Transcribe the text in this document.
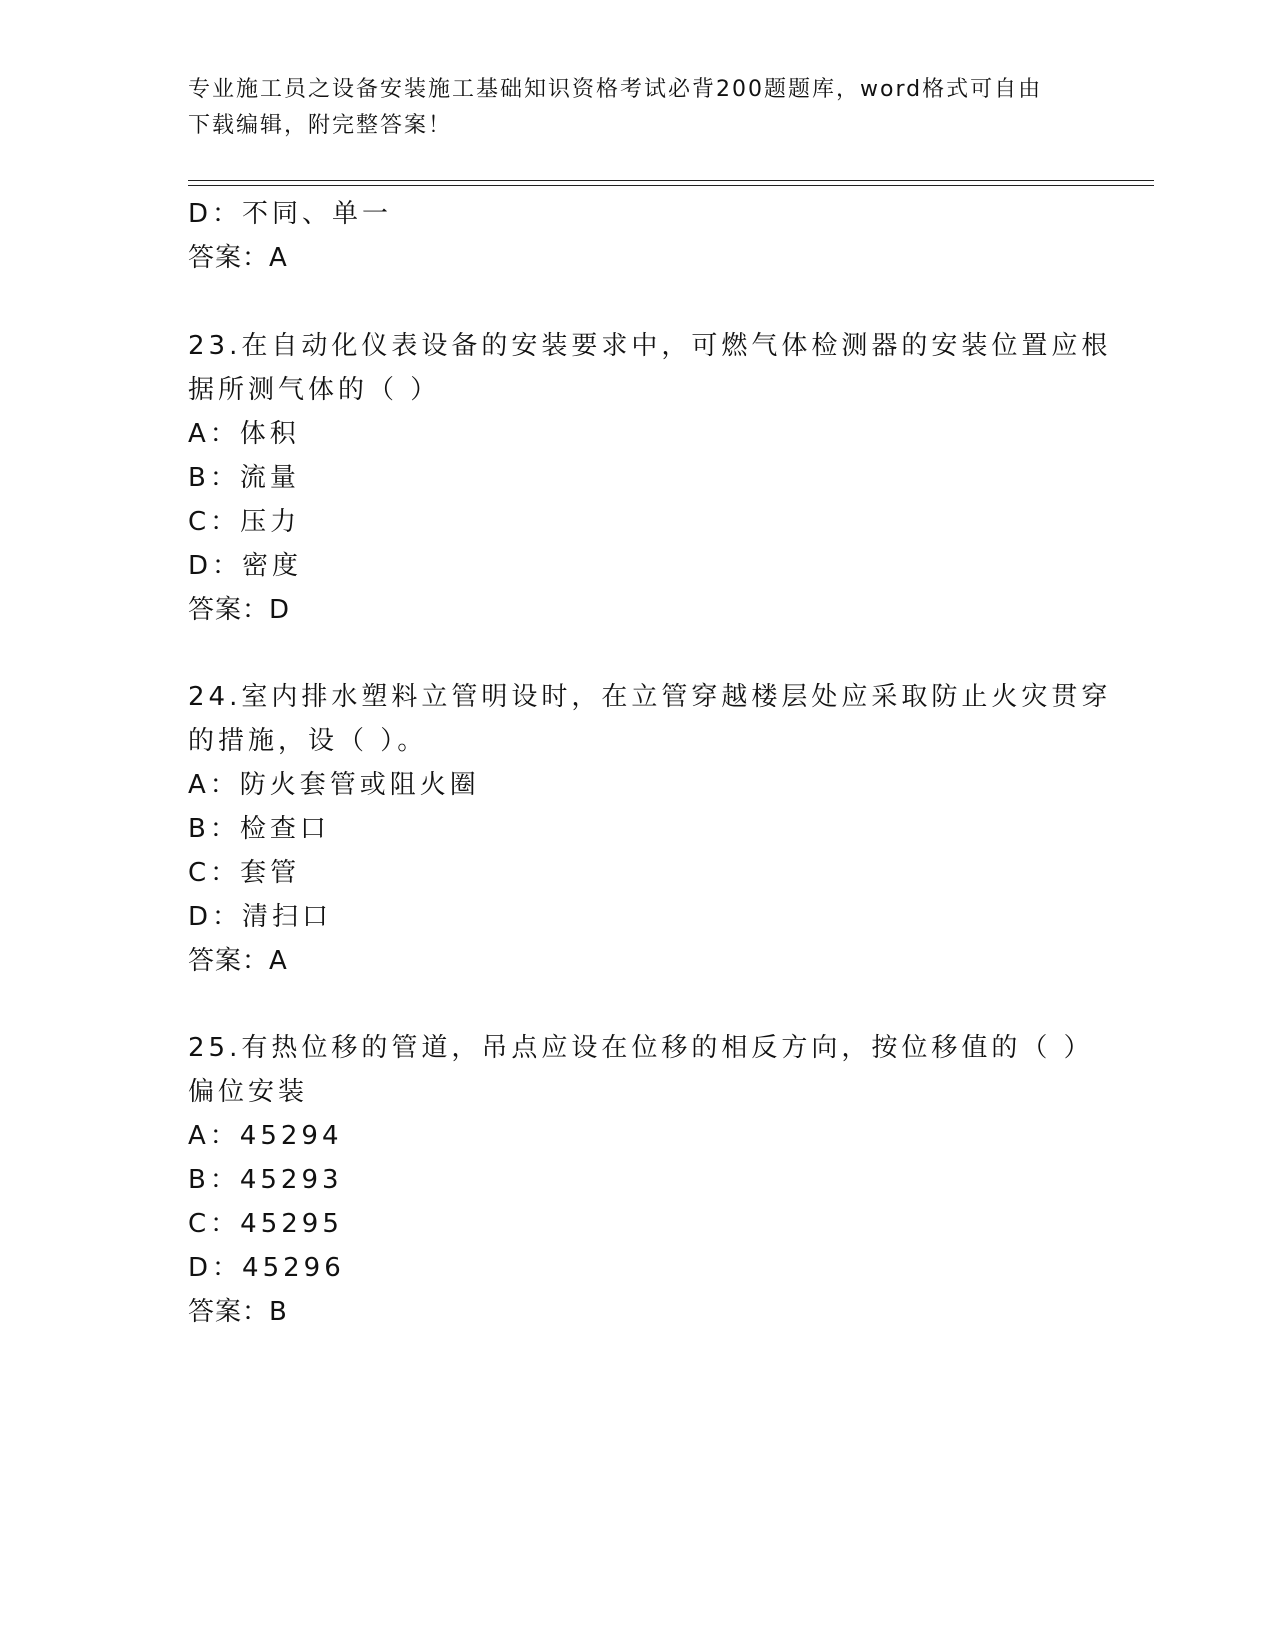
专业施工员之设备安装施工基础知识资格考试必背200题题库，word格式可自由
下载编辑，附完整答案！
D：不同、单一
答案：A
23.在自动化仪表设备的安装要求中，可燃气体检测器的安装位置应根
据所测气体的（ ）
A：体积
B：流量
C：压力
D：密度
答案：D
24.室内排水塑料立管明设时，在立管穿越楼层处应采取防止火灾贯穿
的措施，设（ ）。
A：防火套管或阻火圈
B：检查口
C：套管
D：清扫口
答案：A
25.有热位移的管道，吊点应设在位移的相反方向，按位移值的（ ）
偏位安装
A：45294
B：45293
C：45295
D：45296
答案：B
